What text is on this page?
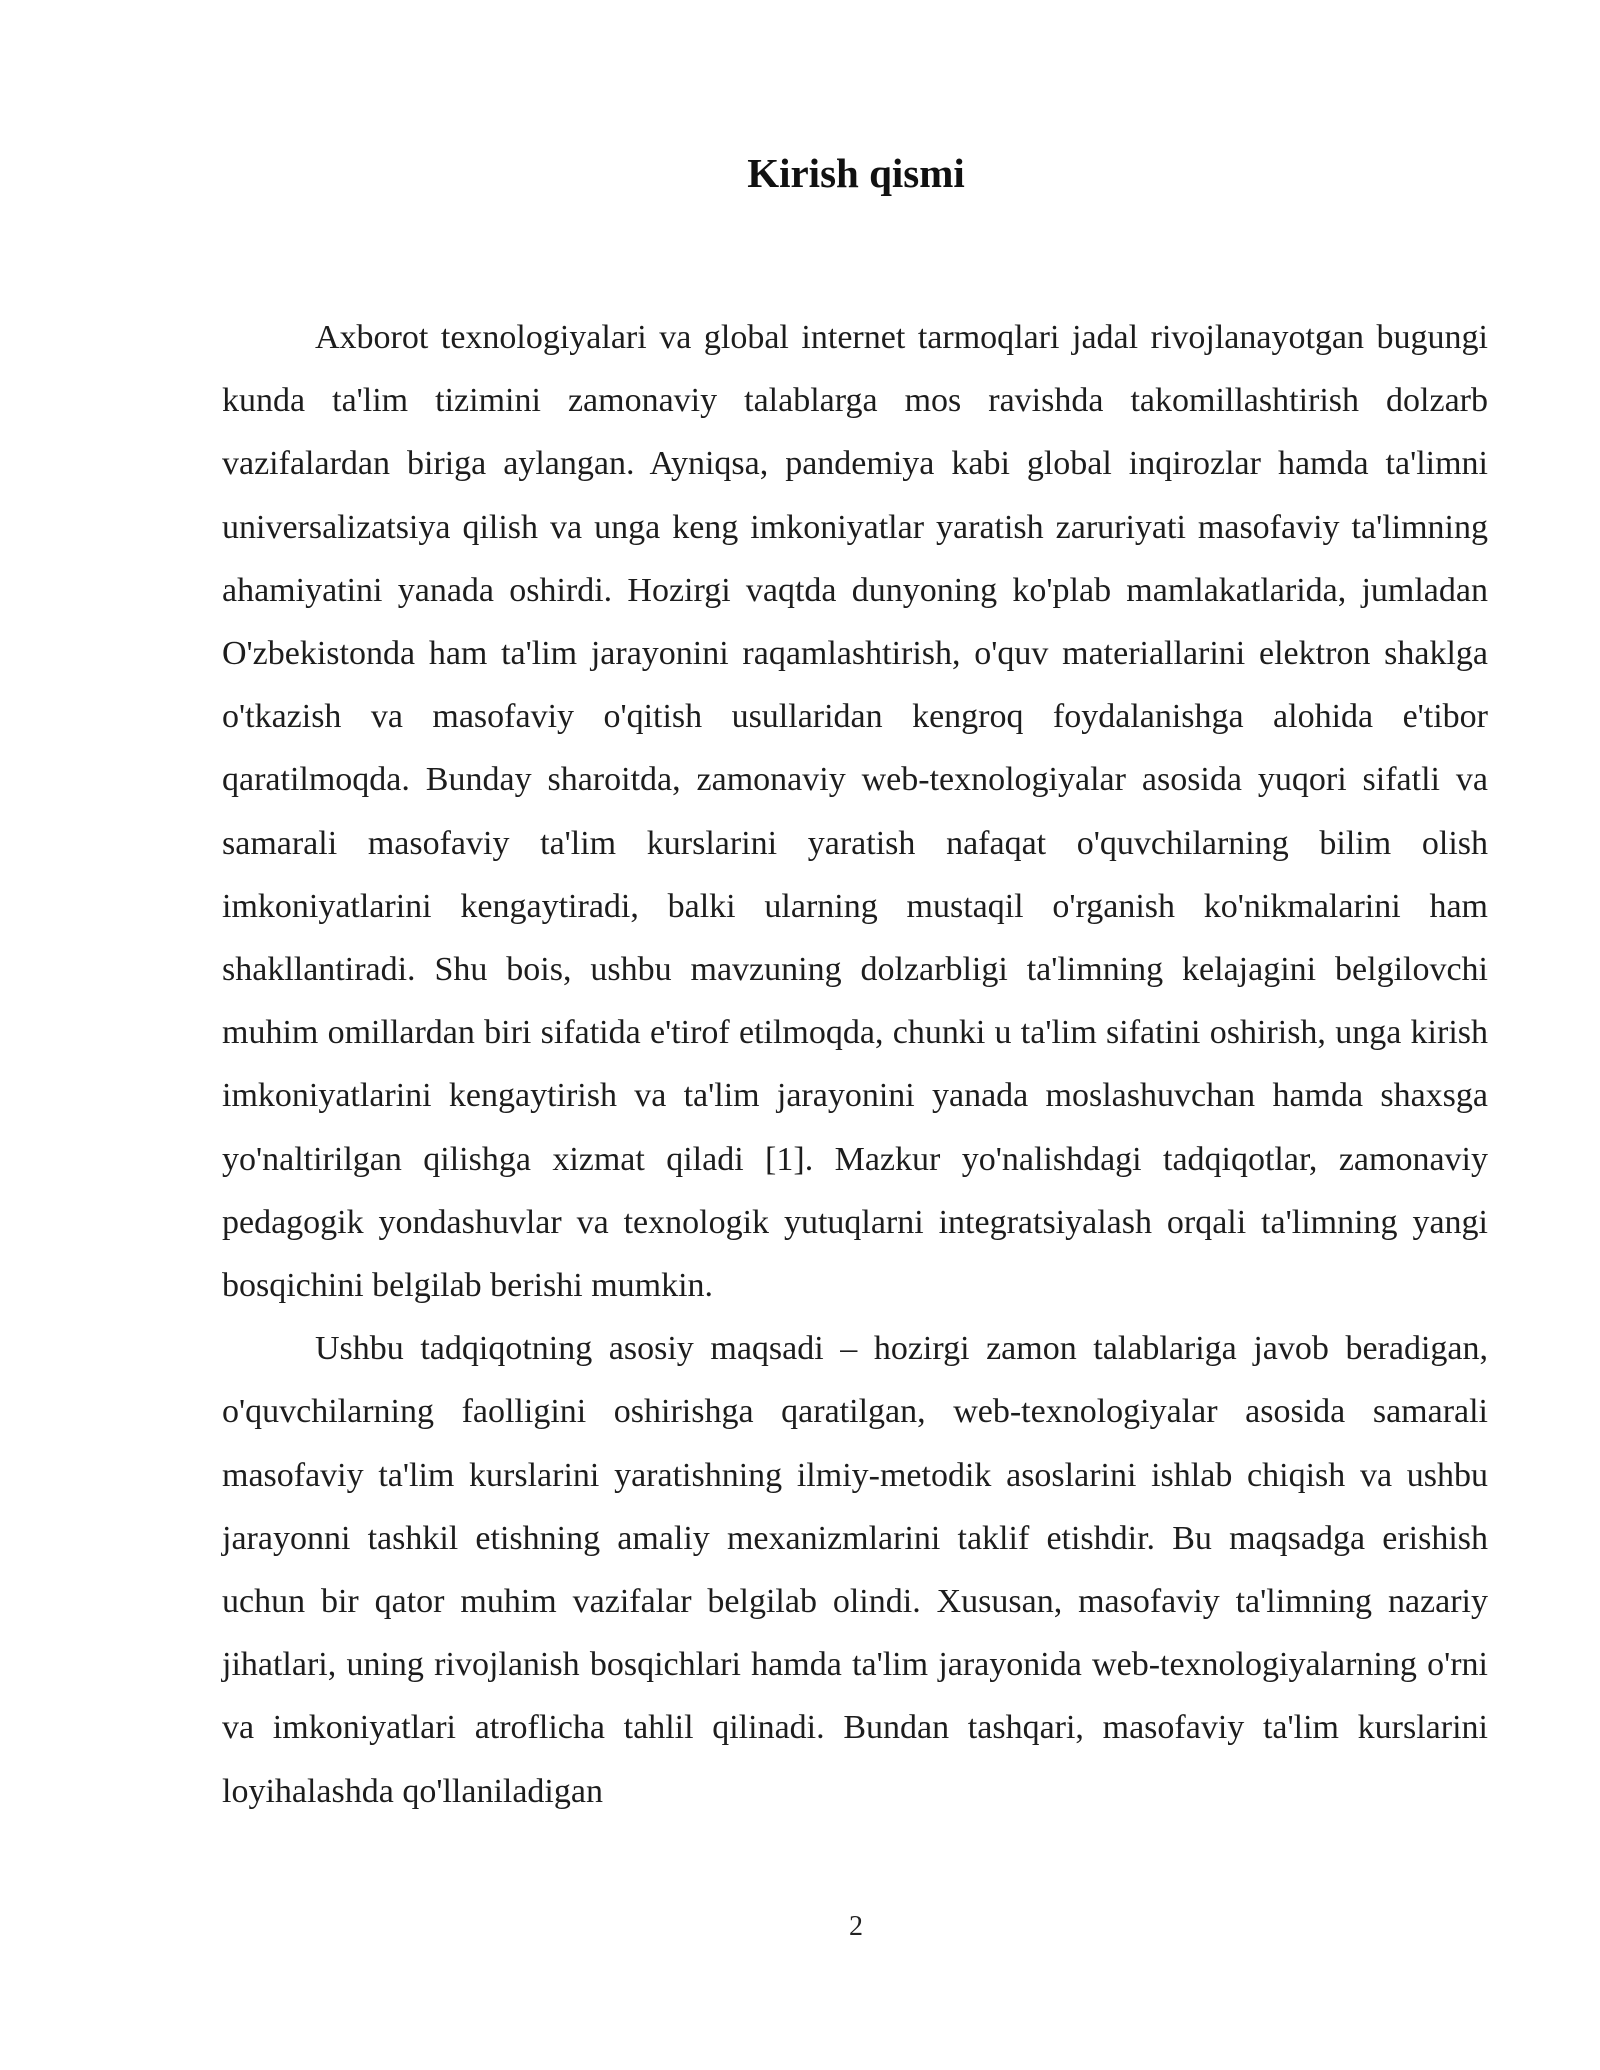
Kirish qismi

Axborot texnologiyalari va global internet tarmoqlari jadal rivojlanayotgan bugungi kunda ta'lim tizimini zamonaviy talablarga mos ravishda takomillashtirish dolzarb vazifalardan biriga aylangan. Ayniqsa, pandemiya kabi global inqirozlar hamda ta'limni universalizatsiya qilish va unga keng imkoniyatlar yaratish zaruriyati masofaviy ta'limning ahamiyatini yanada oshirdi. Hozirgi vaqtda dunyoning ko'plab mamlakatlarida, jumladan O'zbekistonda ham ta'lim jarayonini raqamlashtirish, o'quv materiallarini elektron shaklga o'tkazish va masofaviy o'qitish usullaridan kengroq foydalanishga alohida e'tibor qaratilmoqda. Bunday sharoitda, zamonaviy web-texnologiyalar asosida yuqori sifatli va samarali masofaviy ta'lim kurslarini yaratish nafaqat o'quvchilarning bilim olish imkoniyatlarini kengaytiradi, balki ularning mustaqil o'rganish ko'nikmalarini ham shakllantiradi. Shu bois, ushbu mavzuning dolzarbligi ta'limning kelajagini belgilovchi muhim omillardan biri sifatida e'tirof etilmoqda, chunki u ta'lim sifatini oshirish, unga kirish imkoniyatlarini kengaytirish va ta'lim jarayonini yanada moslashuvchan hamda shaxsga yo'naltirilgan qilishga xizmat qiladi [1]. Mazkur yo'nalishdagi tadqiqotlar, zamonaviy pedagogik yondashuvlar va texnologik yutuqlarni integratsiyalash orqali ta'limning yangi bosqichini belgilab berishi mumkin.

Ushbu tadqiqotning asosiy maqsadi – hozirgi zamon talablariga javob beradigan, o'quvchilarning faolligini oshirishga qaratilgan, web-texnologiyalar asosida samarali masofaviy ta'lim kurslarini yaratishning ilmiy-metodik asoslarini ishlab chiqish va ushbu jarayonni tashkil etishning amaliy mexanizmlarini taklif etishdir. Bu maqsadga erishish uchun bir qator muhim vazifalar belgilab olindi. Xususan, masofaviy ta'limning nazariy jihatlari, uning rivojlanish bosqichlari hamda ta'lim jarayonida web-texnologiyalarning o'rni va imkoniyatlari atroflicha tahlil qilinadi. Bundan tashqari, masofaviy ta'lim kurslarini loyihalashda qo'llaniladigan

2
